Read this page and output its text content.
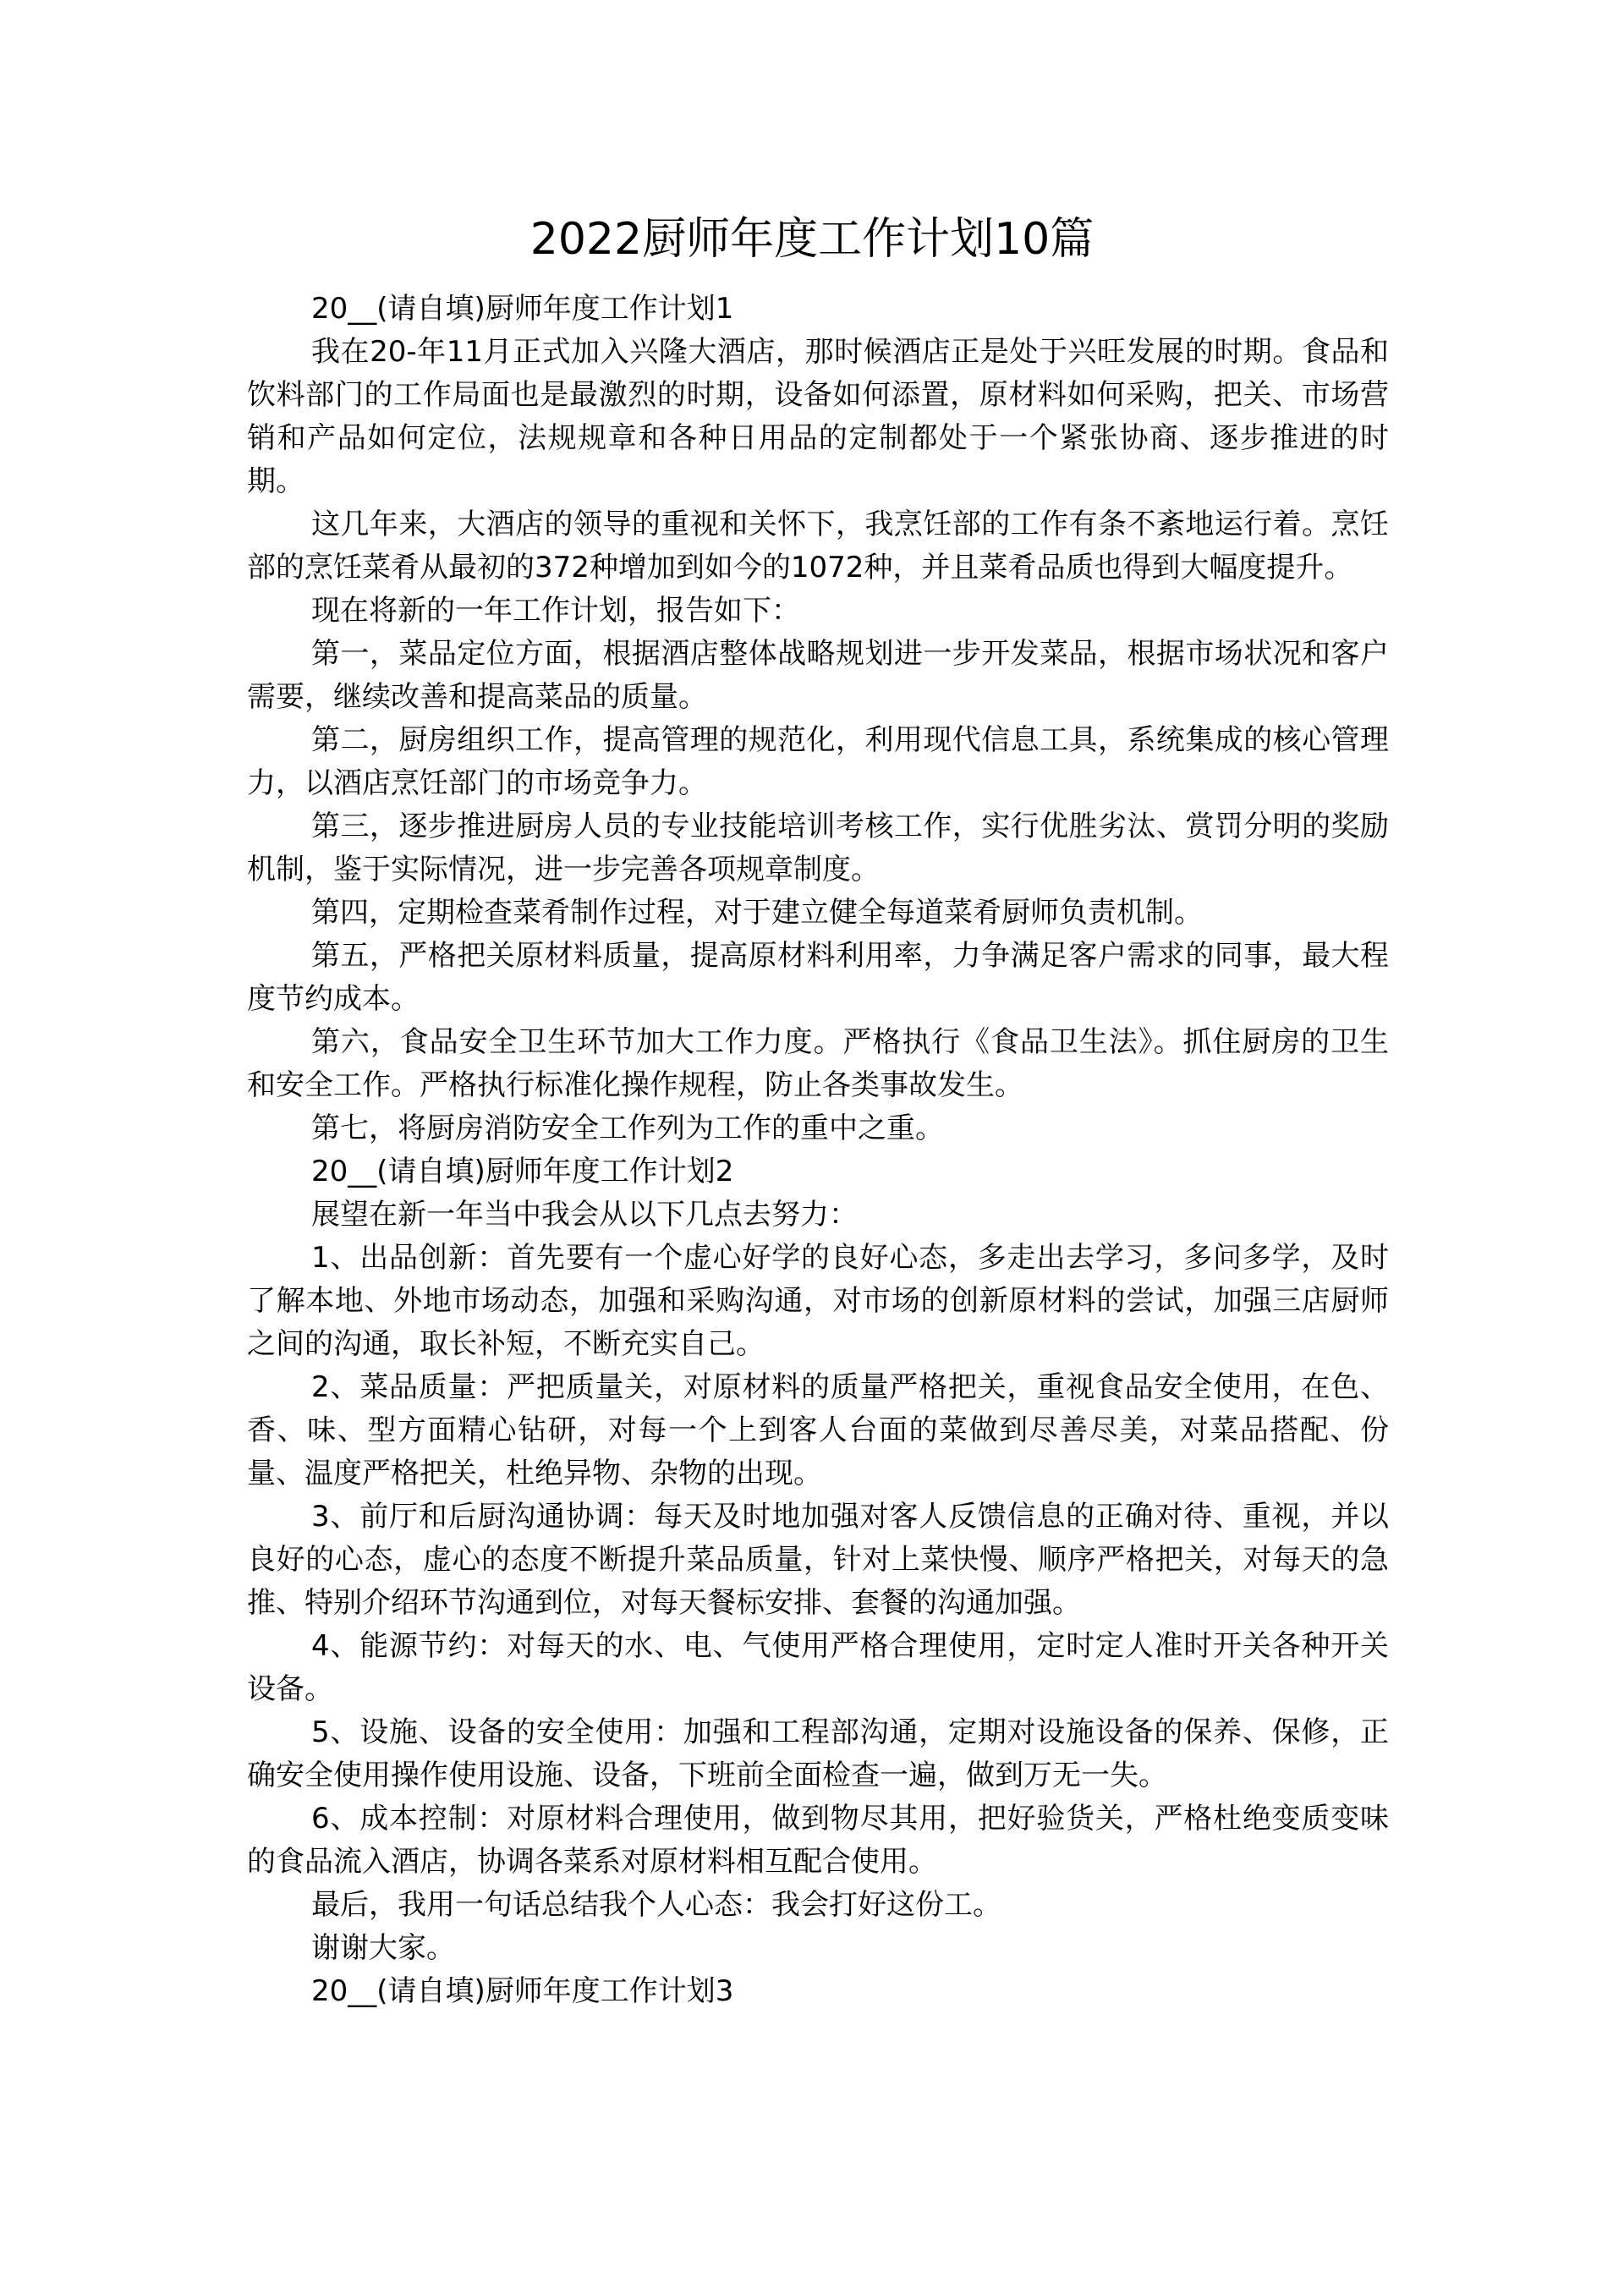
2022厨师年度工作计划10篇

20__(请自填)厨师年度工作计划1

我在20-年11月正式加入兴隆大酒店，那时候酒店正是处于兴旺发展的时期。食品和饮料部门的工作局面也是最激烈的时期，设备如何添置，原材料如何采购，把关、市场营销和产品如何定位，法规规章和各种日用品的定制都处于一个紧张协商、逐步推进的时期。

这几年来，大酒店的领导的重视和关怀下，我烹饪部的工作有条不紊地运行着。烹饪部的烹饪菜肴从最初的372种增加到如今的1072种，并且菜肴品质也得到大幅度提升。

现在将新的一年工作计划，报告如下：

第一，菜品定位方面，根据酒店整体战略规划进一步开发菜品，根据市场状况和客户需要，继续改善和提高菜品的质量。

第二，厨房组织工作，提高管理的规范化，利用现代信息工具，系统集成的核心管理力，以酒店烹饪部门的市场竞争力。

第三，逐步推进厨房人员的专业技能培训考核工作，实行优胜劣汰、赏罚分明的奖励机制，鉴于实际情况，进一步完善各项规章制度。

第四，定期检查菜肴制作过程，对于建立健全每道菜肴厨师负责机制。

第五，严格把关原材料质量，提高原材料利用率，力争满足客户需求的同事，最大程度节约成本。

第六，食品安全卫生环节加大工作力度。严格执行《食品卫生法》。抓住厨房的卫生和安全工作。严格执行标准化操作规程，防止各类事故发生。

第七，将厨房消防安全工作列为工作的重中之重。

20__(请自填)厨师年度工作计划2

展望在新一年当中我会从以下几点去努力：

1、出品创新：首先要有一个虚心好学的良好心态，多走出去学习，多问多学，及时了解本地、外地市场动态，加强和采购沟通，对市场的创新原材料的尝试，加强三店厨师之间的沟通，取长补短，不断充实自己。

2、菜品质量：严把质量关，对原材料的质量严格把关，重视食品安全使用，在色、香、味、型方面精心钻研，对每一个上到客人台面的菜做到尽善尽美，对菜品搭配、份量、温度严格把关，杜绝异物、杂物的出现。

3、前厅和后厨沟通协调：每天及时地加强对客人反馈信息的正确对待、重视，并以良好的心态，虚心的态度不断提升菜品质量，针对上菜快慢、顺序严格把关，对每天的急推、特别介绍环节沟通到位，对每天餐标安排、套餐的沟通加强。

4、能源节约：对每天的水、电、气使用严格合理使用，定时定人准时开关各种开关设备。

5、设施、设备的安全使用：加强和工程部沟通，定期对设施设备的保养、保修，正确安全使用操作使用设施、设备，下班前全面检查一遍，做到万无一失。

6、成本控制：对原材料合理使用，做到物尽其用，把好验货关，严格杜绝变质变味的食品流入酒店，协调各菜系对原材料相互配合使用。

最后，我用一句话总结我个人心态：我会打好这份工。

谢谢大家。

20__(请自填)厨师年度工作计划3
